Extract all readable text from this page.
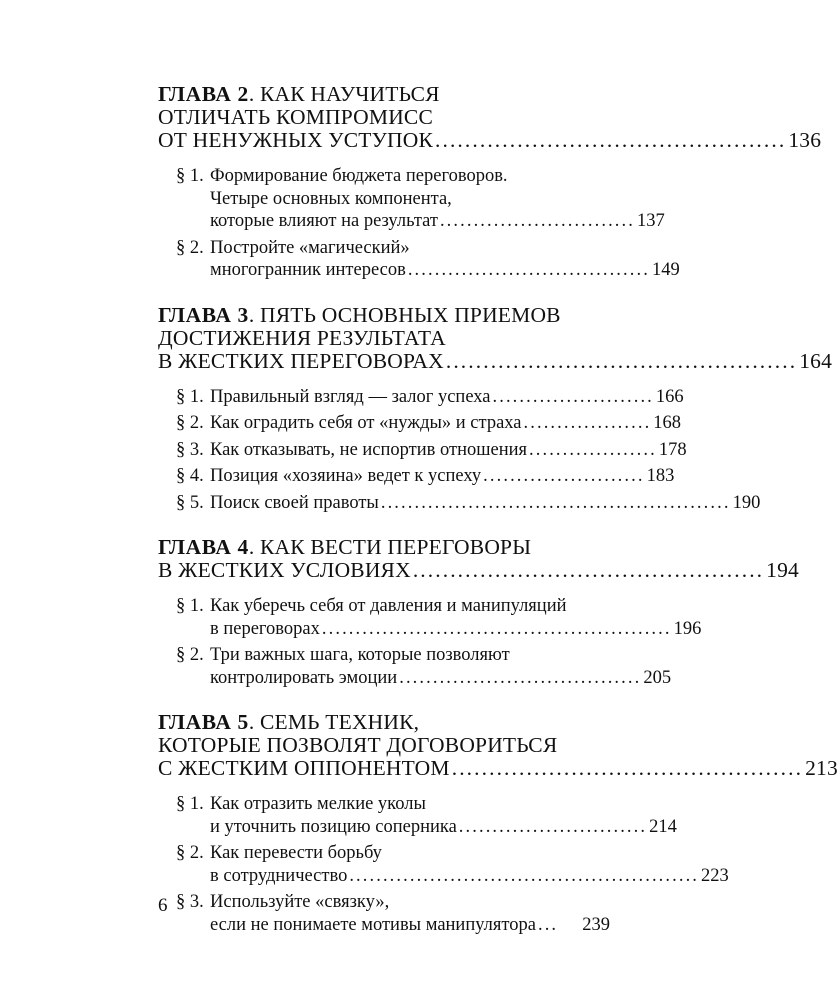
ГЛАВА 2. КАК НАУЧИТЬСЯ
ОТЛИЧАТЬ КОМПРОМИСС
ОТ НЕНУЖНЫХ УСТУПОК ............................................... 136
§ 1. Формирование бюджета переговоров.
Четыре основных компонента,
которые влияют на результат ............................. 137
§ 2. Постройте «магический»
многогранник интересов .................................... 149
ГЛАВА 3. ПЯТЬ ОСНОВНЫХ ПРИЕМОВ
ДОСТИЖЕНИЯ РЕЗУЛЬТАТА
В ЖЕСТКИХ ПЕРЕГОВОРАХ ............................................... 164
§ 1. Правильный взгляд — залог успеха ........................ 166
§ 2. Как оградить себя от «нужды» и страха ................... 168
§ 3. Как отказывать, не испортив отношения ................... 178
§ 4. Позиция «хозяина» ведет к успеху ........................ 183
§ 5. Поиск своей правоты .................................................... 190
ГЛАВА 4. КАК ВЕСТИ ПЕРЕГОВОРЫ
В ЖЕСТКИХ УСЛОВИЯХ ............................................... 194
§ 1. Как уберечь себя от давления и манипуляций
в переговорах .................................................... 196
§ 2. Три важных шага, которые позволяют
контролировать эмоции .................................... 205
ГЛАВА 5. СЕМЬ ТЕХНИК,
КОТОРЫЕ ПОЗВОЛЯТ ДОГОВОРИТЬСЯ
С ЖЕСТКИМ ОППОНЕНТОМ ............................................... 213
§ 1. Как отразить мелкие уколы
и уточнить позицию соперника ............................ 214
§ 2. Как перевести борьбу
в сотрудничество .................................................... 223
§ 3. Используйте «связку»,
если не понимаете мотивы манипулятора ...	239
6
